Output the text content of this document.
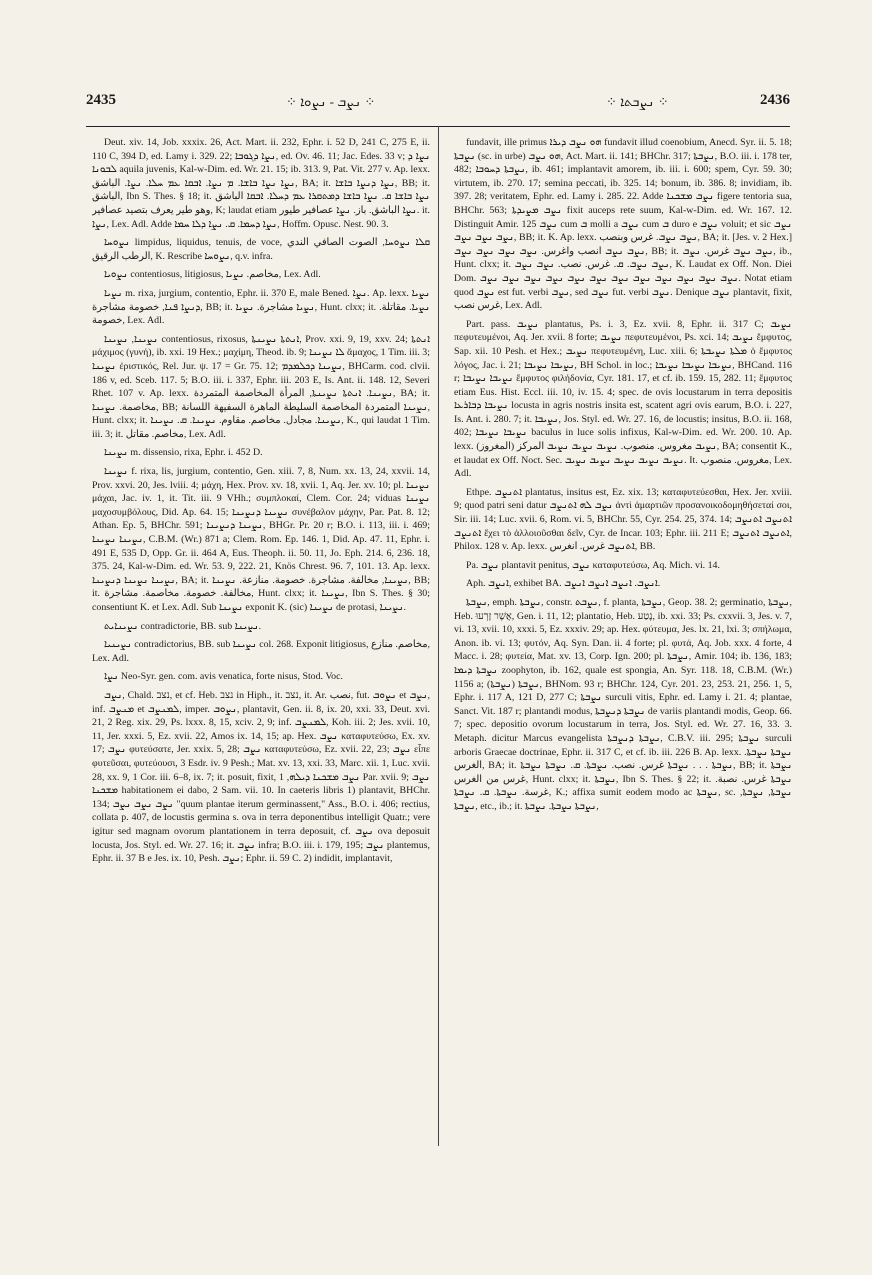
2435	⁘ ܢܨܒ - ܢܨܘܐ ⁘	⁘ ܢܨܒܬܐ ⁘	2436

Deut. xiv. 14, Job. xxxix. 26, Act. Mart. ii. 232, Ephr. i. 52 D, 241 C, 275 E, ii. 110 C, 394 D, ed. Lamy i. 329. 22; ܢܨܐ ܕܓܘܒܐ, ed. Ov. 46. 11; Jac. Edes. 33 v; ܢܨܐ ܕ ܠܒܘܢܐ aquila juvenis, Kal-w-Dim. ed. Wr. 21. 15; ib. 313. 9, Pat. Vit. 277 v. Ap. lexx. ܢܨܐ ܢܨܐ ܒܐܫܐ. ܡ ܢܨܐ. ܐܒܩܐ ܥܡ ܚܠܐ. ܢܨܐ. الباشق, BA; it. ܢܨܐ ܕܢܨܐ ܒܐܫܐ, BB; it. الباشق, Ibn S. Thes. § 18; it. ܢܨܐ ܒܐܫܐ ܩ. ܢܨܐ ܒܐܫܐ ܕܡܬܩܪܐ ܥܡ ܕܚܠܐ. ܐܒܩܐ الباشق وهو طير يعرف بتصيد عصافير, K; laudat etiam ܢܨܐ الباشق. باز. ܢܨܐ عصافير طيور. it. ܢܨܐ, Lex. Adl. Adde ܢܨܐ ܕܚܡܐ. ܩ. ܢܨܐ ܕܠܐ ܚܡܐ, Hoffm. Opusc. Nest. 90. 3.

ܢܨܘܚܐ limpidus, liquidus, tenuis, de voce, ܩܠܐ ܢܨܘܚܐ, الصوت الصافي الندي الرطب الرقيق, K. Rescribe ܢܨܘܚܐ, q.v. infra.

ܢܨܘܝܐ contentiosus, litigiosus, مخاصم. ܢܨܝܐ, Lex. Adl.

ܢܨܝܐ m. rixa, jurgium, contentio, Ephr. ii. 370 E, male Bened. ܢܨܐ. Ap. lexx. ܢܨܝܐ ܕܢܨܐ ܦܢܐ, خصومة مشاجرة, BB; it. ܢܨܝܐ مشاجرة. ܢܨܝܐ, Hunt. clxx; it. ܢܨܝܐ. مقاتلة. خصومة, Lex. Adl.

ܢܨܝܢܐ, ܢܨܝܢܐ contentiosus, rixosus, ܐܢܬܬܐ ܢܨܝܢܬܐ, Prov. xxi. 9, 19, xxv. 24; ܐܢܬܬܐ μάχιμος (γυνή), ib. xxi. 19 Hex.; μαχίμη, Theod. ib. 9; ܠܐ ܢܨܝܢܐ ἄμαχος, 1 Tim. iii. 3; ܢܨܝܢܐ ἐριστικός, Rel. Jur. ψ. 17 = Gr. 75. 12; ܢܨܝܢܐ ܕܟܠܡܕܡ, BHCarm. cod. clvii. 186 v, ed. Sceb. 117. 5; B.O. iii. i. 337, Ephr. iii. 203 E, Is. Ant. ii. 148. 12, Severi Rhet. 107 v. Ap. lexx. ܢܨܝܢܐ. ܐܢܬܬܐ ܢܨܝܢܬܐ, المرأة المخاصمة المتمردة, BA; it. مخاصمة. ܢܨܝܢܐ, BB; ܢܨܝܢܐ المتمردة المخاصمة السليطة الماهرة السفيهة اللسانة, Hunt. clxx; it. ܢܨܝܢܐ. مجادل. مخاصم. مقاوم. ܢܨܝܢܐ. ܩ. ܢܨܝܢܐ, K., qui laudat 1 Tim. iii. 3; it. مخاصم. مقاتل, Lex. Adl.

ܢܨܝܢܐ m. dissensio, rixa, Ephr. i. 452 D.

ܢܨܝܢܐ f. rixa, lis, jurgium, contentio, Gen. xiii. 7, 8, Num. xx. 13, 24, xxvii. 14, Prov. xxvi. 20, Jes. lviii. 4; μάχη, Hex. Prov. xv. 18, xvii. 1, Aq. Jer. xv. 10; pl. ܢܨܝܢܐ μάχαι, Jac. iv. 1, it. Tit. iii. 9 VHh.; συμπλοκαί, Clem. Cor. 24; viduas ܢܨܝܢܐ μαχοσυμβόλους, Did. Ap. 64. 15; ܢܨܝܢܐ ܕܢܨܝܢܐ συνέβαλον μάχην, Par. Pat. 8. 12; Athan. Ep. 5, BHChr. 591; ܢܨܝܢܐ ܕܢܨܝܢܐ, BHGr. Pr. 20 r; B.O. i. 113, iii. i. 469; ܢܨܝܢܐ ܢܨܝܢܐ, C.B.M. (Wr.) 871 a; Clem. Rom. Ep. 146. 1, Did. Ap. 47. 11, Ephr. i. 491 E, 535 D, Opp. Gr. ii. 464 A, Eus. Theoph. ii. 50. 11, Jo. Eph. 214. 6, 236. 18, 375. 24, Kal-w-Dim. ed. Wr. 53. 9, 222. 21, Knös Chrest. 96. 7, 101. 13. Ap. lexx. ܢܨܝܢܐ ܢܨܝܢܐ ܕܢܨܝܢܐ, BA; it. ܢܨܝܢܐ, مخالفة. مشاجرة. خصومة. منازعة. ܢܨܝܢܐ, BB; it. مخالفة. خصومة. مخاصمة. مشاجرة, Hunt. clxx; it. ܢܨܝܢܐ, Ibn S. Thes. § 30; consentiunt K. et Lex. Adl. Sub ܢܨܝܢܐ exponit K. (sic) ܢܨܝܢܐ de protasi, ܢܨܝܢܐ.

ܢܨܝܢܐܝܬ contradictorie, BB. sub ܢܨܝܢܐ.

ܢܨܝܢܝܐ contradictorius, BB. sub ܢܨܝܢܐ col. 268. Exponit litigiosus, مخاصم. منازع, Lex. Adl.

ܢܨܐ Neo-Syr. gen. com. avis venatica, forte nisus, Stod. Voc.

ܢܨܒ, Chald. נצב, et cf. Heb. נצב in Hiph., it. נצב, it. Ar. نصب, fut. ܢܨܘܒ et ܢܨܒ, inf. ܡܢܨܒ et ܠܡܢܨܒ, imper. ܢܨܘܒ, plantavit, Gen. ii. 8, ix. 20, xxi. 33, Deut. xvi. 21, 2 Reg. xix. 29, Ps. lxxx. 8, 15, xciv. 2, 9; inf. ܠܡܢܨܒ, Koh. iii. 2; Jes. xvii. 10, 11, Jer. xxxi. 5, Ez. xvii. 22, Amos ix. 14, 15; ap. Hex. ܢܨܒ καταφυτεύσω, Ex. xv. 17; ܢܨܒ φυτεύσατε, Jer. xxix. 5, 28; ܢܨܒ καταφυτεύσω, Ez. xvii. 22, 23; ܢܨܒ εἶπε φυτεῦσαι, φυτεύουσι, 3 Esdr. iv. 9 Pesh.; Mat. xv. 13, xxi. 33, Marc. xii. 1, Luc. xvii. 28, xx. 9, 1 Cor. iii. 6–8, ix. 7; it. posuit, fixit, ܢܨܒ ܡܫܟܢܐ ܕܝܠܗ, 1 Par. xvii. 9; ܢܨܒ ܡܫܟܢܐ habitationem ei dabo, 2 Sam. vii. 10. In caeteris libris 1) plantavit, BHChr. 134; ܢܨܒ ܢܨܒ ܢܨܒ "quum plantae iterum germinassent," Ass., B.O. i. 406; rectius, collata p. 407, de locustis germina s. ova in terra deponentibus intelligit Quatr.; vere igitur sed magnam ovorum plantationem in terra deposuit, cf. ܢܨܒ ova deposuit locusta, Jos. Styl. ed. Wr. 27. 16; it. ܢܨܒ infra; B.O. iii. i. 179, 195; ܢܨܒ plantemus, Ephr. ii. 37 B e Jes. ix. 10, Pesh. ܢܨܒ; Ephr. ii. 59 C. 2) indidit, implantavit,

fundavit, ille primus ܗܘ ܢܨܒ ܕܝܪܐ fundavit illud coenobium, Anecd. Syr. ii. 5. 18; ܢܨܒܬܐ (sc. in urbe) ܗܘ ܢܨܒ, Act. Mart. ii. 141; BHChr. 317; ܢܨܒܬܐ, B.O. iii. i. 178 ter, 482; ܢܨܒܬܐ ܕܚܘܒܐ, ib. 461; implantavit amorem, ib. iii. i. 600; spem, Cyr. 59. 30; virtutem, ib. 270. 17; semina peccati, ib. 325. 14; bonum, ib. 386. 8; invidiam, ib. 397. 28; veritatem, Ephr. ed. Lamy i. 285. 22. Adde ܢܨܒ ܡܫܟܢܐ figere tentoria sua, BHChr. 563; ܢܨܒ ܡܨܝܕܬܐ fixit auceps rete suum, Kal-w-Dim. ed. Wr. 167. 12. Distinguit Amir. 125 ܢܨܒ cum ܒ molli a ܢܨܒ cum ܒ duro e ܢܨܒ voluit; et sic ܢܨܒ ܢܨܒ ܢܨܒ ܢܨܒ, BB; it. K. Ap. lexx. ܢܨܒ ܢܨܒ. غرس وبنصب, BA; it. [Jes. v. 2 Hex.] ܢܨܒ ܢܨܒ انصب واغرس. ܢܨܒ ܢܨܒ ܢܨܒ ܢܨܒ, BB; it. ܢܨܒ ܢܨܒ غرس. ܢܨܒ, ib., Hunt. clxx; it. ܢܨܒ ܢܨܒ. ܩ. غرس. نصب. ܢܨܒ ܢܨܒ, K. Laudat ex Off. Non. Diei Dom. ܢܨܒ ܢܨܒ ܢܨܒ ܢܨܒ ܢܨܒ ܢܨܒ ܢܨܒ ܢܨܒ ܢܨܒ ܢܨܒ ܢܨܒ ܢܨܒ. Notat etiam quod ܢܨܒ est fut. verbi ܢܨܒ, sed ܢܨܒ fut. verbi ܢܨܒ. Denique ܢܨܒ plantavit, fixit, غرس نصب, Lex. Adl.

Part. pass. ܢܨܝܒ plantatus, Ps. i. 3, Ez. xvii. 8, Ephr. ii. 317 C; ܢܨܝܒ πεφυτευμένοι, Aq. Jer. xvii. 8 forte; ܢܨܝܒ πεφυτευμένοι, Ps. xci. 14; ܢܨܝܒ ἔμφυτος, Sap. xii. 10 Pesh. et Hex.; ܢܨܝܒ πεφυτευμένη, Luc. xiii. 6; ܡܠܬܐ ܢܨܝܒܬܐ ὁ ἔμφυτος λόγος, Jac. i. 21; ܢܨܝܒܐ ܢܨܝܒܐ, BH Schol. in loc.; ܢܨܝܒܐ ܢܨܝܒܐ ܢܨܝܒܐ, BHCand. 116 r; ܢܨܝܒܐ ܢܨܝܒܐ ἔμφυτος φιλήδονία, Cyr. 181. 17, et cf. ib. 159. 15, 282. 11; ἔμφυτος etiam Eus. Hist. Eccl. iii. 10, iv. 15. 4; spec. de ovis locustarum in terra depositis ܢܨܝܒܐ ܕܒܐܪܥܐ locusta in agris nostris insita est, scatent agri ovis earum, B.O. i. 227, Is. Ant. i. 280. 7; it. ܢܨܝܒܐ, Jos. Styl. ed. Wr. 27. 16, de locustis; insitus, B.O. ii. 168, 402; ܢܨܝܒܐ ܢܨܝܒܐ baculus in luce solis infixus, Kal-w-Dim. ed. Wr. 200. 10. Ap. lexx. ܢܨܝܒ مغروس. منصوب. ܢܨܝܒ ܢܨܝܒ ܢܨܝܒ المركز (المغروز), BA; consentit K., et laudat ex Off. Noct. Sec. ܢܨܝܒ ܢܨܝܒ ܢܨܝܒ ܢܨܝܒ ܢܨܝܒ. It. مغروس. منصوب, Lex. Adl.

Ethpe. ܐܬܢܨܒ plantatus, insitus est, Ez. xix. 13; καταφυτεύεσθαι, Hex. Jer. xviii. 9; quod patri seni datur ܢܨܒ ܠܗ ܐܬܢܨܒ ἀντὶ ἁμαρτιῶν προσανοικοδομηθήσεταί σοι, Sir. iii. 14; Luc. xvii. 6, Rom. vi. 5, BHChr. 55, Cyr. 254. 25, 374. 14; ܐܬܢܨܒ ܐܬܢܨܒ ܐܬܢܨܒ ἔχει τὸ ἀλλοιοῦσθαι δεῖν, Cyr. de Incar. 103; Ephr. iii. 211 E; ܐܬܢܨܒ ܐܬܢܨܒ, Philox. 128 v. Ap. lexx. ܐܬܢܨܒ غرس. انغرس, BB.

Pa. ܢܨܒ plantavit penitus, ܢܨܒ καταφυτεύσω, Aq. Mich. vi. 14.

Aph. ܐܢܨܒ, exhibet BA. ܐܢܨܒ. ܐܢܨܒ ܐܢܨܒ ܐܢܨܒ.

ܢܨܒܬܐ, emph. ܢܨܒܬܐ, constr. ܢܨܒܬ, f. planta, ܢܨܒܬܐ, Geop. 38. 2; germinatio, ܢܨܒܬܐ, Heb. אֲשֶׁר זָרְעוּ, Gen. i. 11, 12; plantatio, Heb. נֶטַע, ib. xxi. 33; Ps. cxxvii. 3, Jes. v. 7, vi. 13, xvii. 10, xxxi. 5, Ez. xxxiv. 29; ap. Hex. φύτευμα, Jes. lx. 21, lxi. 3; σπήλωμα, Anon. ib. vi. 13; φυτόν, Aq. Syn. Dan. ii. 4 forte; pl. φυτά, Aq. Job. xxx. 4 forte, 4 Macc. i. 28; φυτεία, Mat. xv. 13, Corp. Ign. 200; pl. ܢܨܒܬܐ, Amir. 104; ib. 136, 183; ܢܨܒܬܐ ܕܝܡܐ zoophyton, ib. 162, quale est spongia, An. Syr. 118. 18, C.B.M. (Wr.) 1156 a; ܢܨܒܬܐ (ܢܨܒܬܐ), BHNom. 93 r; BHChr. 124, Cyr. 201. 23, 253. 21, 256. 1, 5, Ephr. i. 117 A, 121 D, 277 C; ܢܨܒܬܐ surculi vitis, Ephr. ed. Lamy i. 21. 4; plantae, Sanct. Vit. 187 r; plantandi modus, ܢܨܒܬܐ ܕܢܨܒܬܐ de variis plantandi modis, Geop. 66. 7; spec. depositio ovorum locustarum in terra, Jos. Styl. ed. Wr. 27. 16, 33. 3. Metaph. dicitur Marcus evangelista ܢܨܒܬܐ ܕܢܨܒܬܐ, C.B.V. iii. 295; ܢܨܒܬܐ surculi arboris Graecae doctrinae, Ephr. ii. 317 C, et cf. ib. iii. 226 B. Ap. lexx. ܢܨܒܬܐ ܢܨܒܬܐ. الغرس, BA; it. ܢܨܒܬܐ . . . ܢܨܒܬܐ غرس. نصب. ܢܨܒܬܐ. ܩ. ܢܨܒܬܐ ܢܨܒܬܐ, BB; it. ܢܨܒܬܐ غرس من الغرس, Hunt. clxx; it. ܢܨܒܬܐ, Ibn S. Thes. § 22; it. ܢܨܒܬܐ غرس. نصبة. غرسة. ܢܨܒܬܐ. ܩ. ܢܨܒܬܐ, K.; affixa sumit eodem modo ac ܢܨܒܬܐ, sc. ܢܨܒܬܐ, ܢܨܒܬܐ, ܢܨܒܬܐ, etc., ib.; it. ܢܨܒܬܐ ܢܨܒܬܐ. ܢܨܒܬܐ,
